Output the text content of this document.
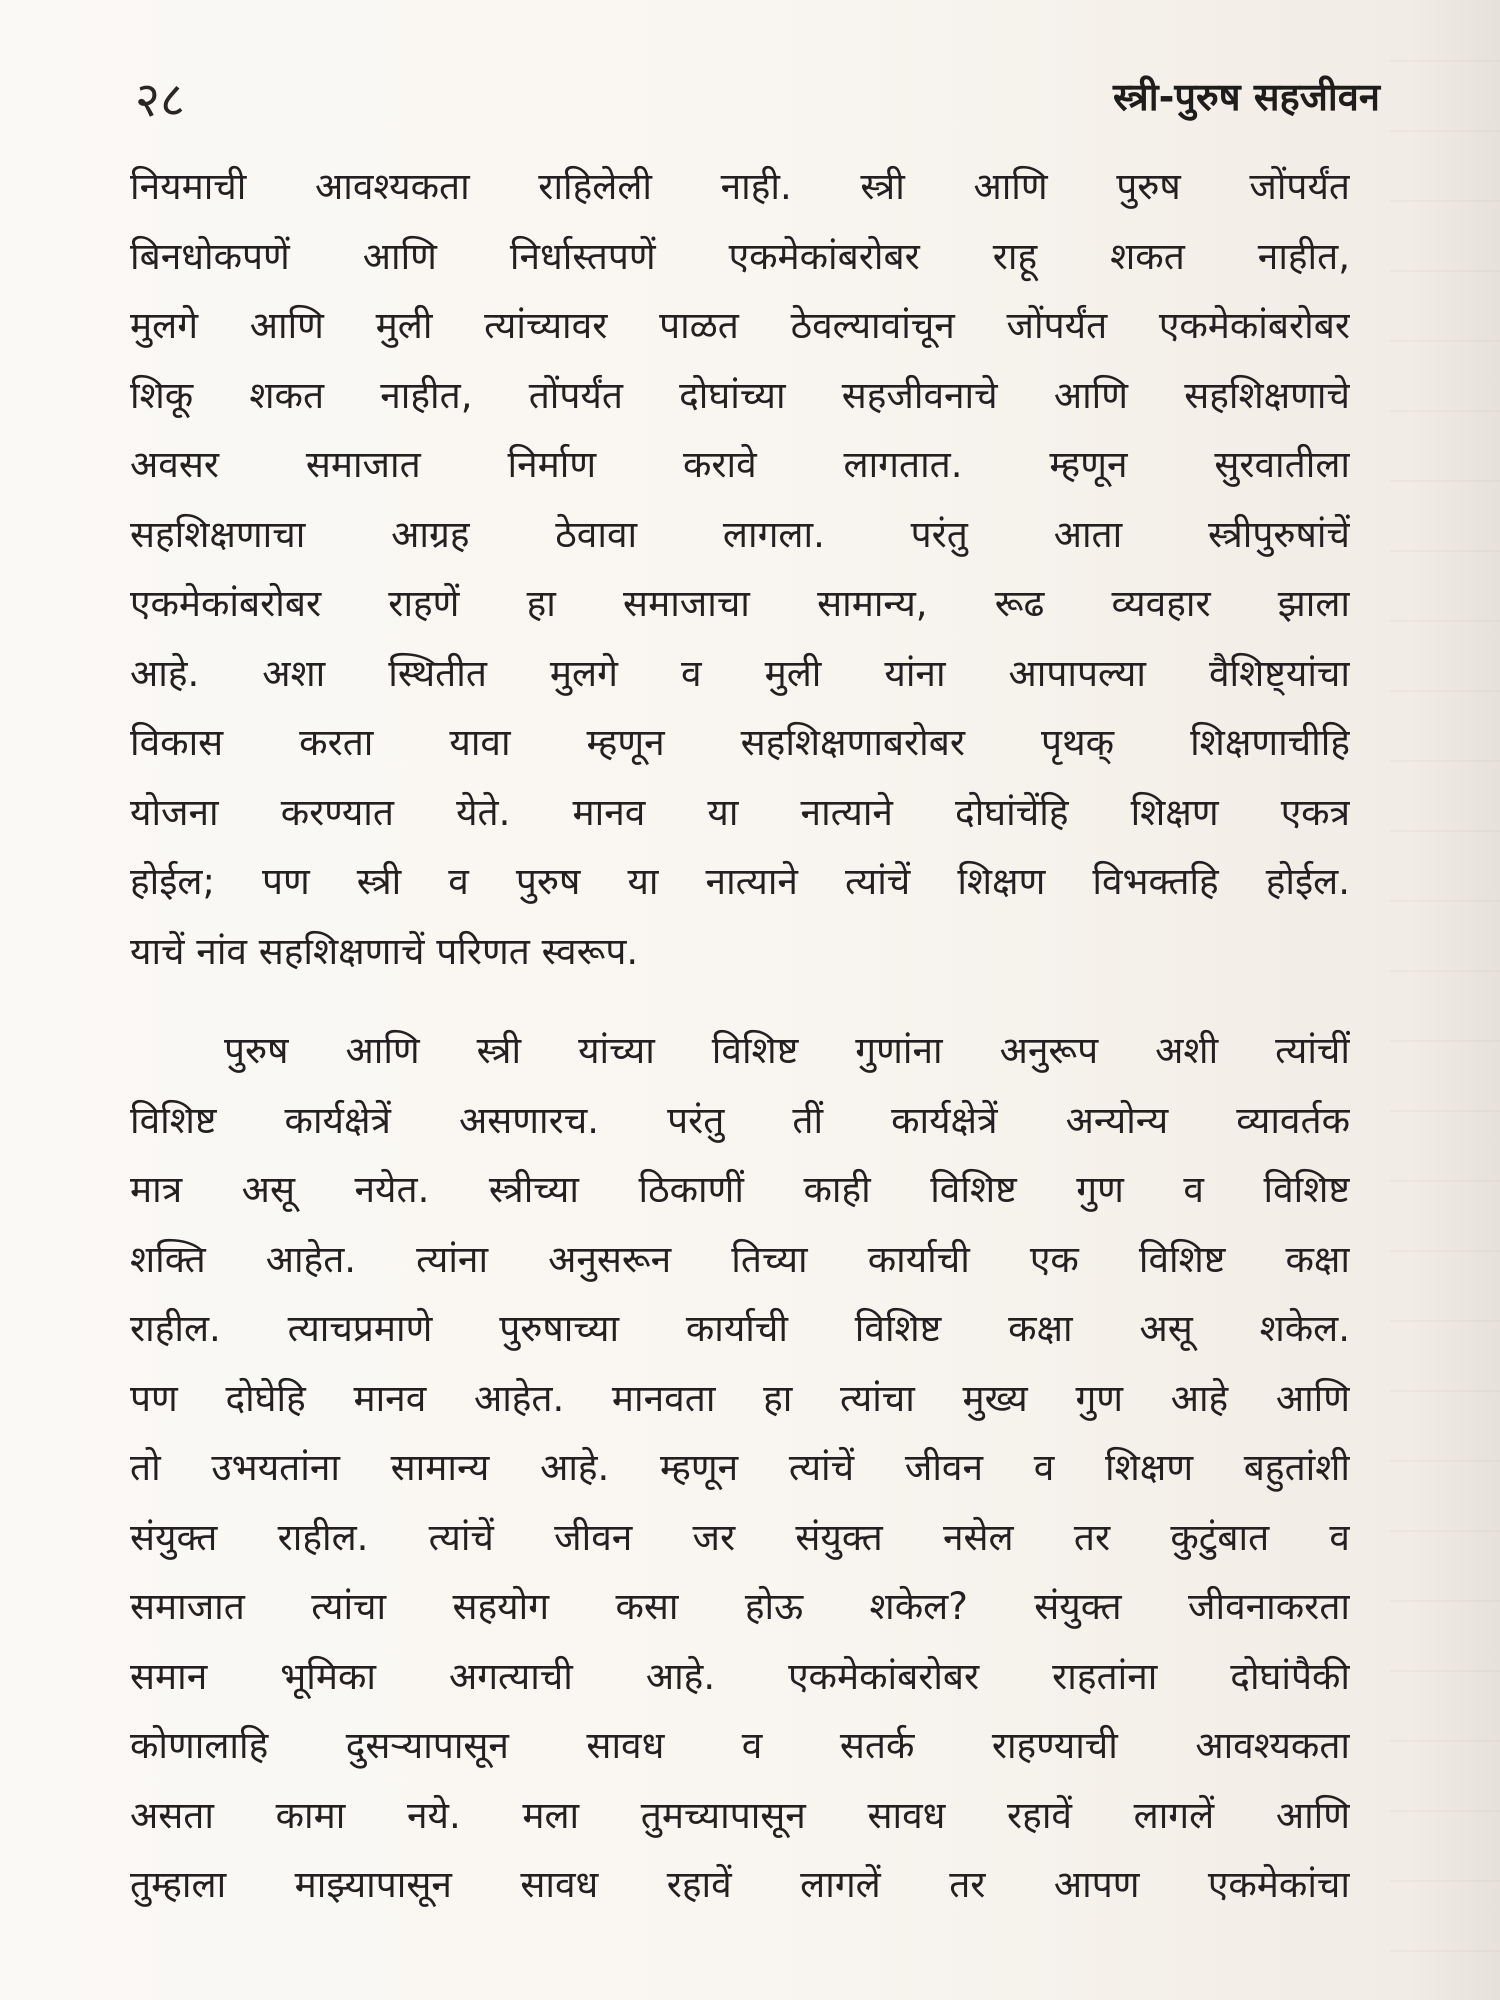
२८	स्त्री-पुरुष सहजीवन
नियमाची आवश्यकता राहिलेली नाही. स्त्री आणि पुरुष जोंपर्यंत
बिनधोकपणें आणि निर्धास्तपणें एकमेकांबरोबर राहू शकत नाहीत,
मुलगे आणि मुली त्यांच्यावर पाळत ठेवल्यावांचून जोंपर्यंत एकमेकांबरोबर
शिकू शकत नाहीत, तोंपर्यंत दोघांच्या सहजीवनाचे आणि सहशिक्षणाचे
अवसर समाजात निर्माण करावे लागतात. म्हणून सुरवातीला
सहशिक्षणाचा आग्रह ठेवावा लागला. परंतु आता स्त्रीपुरुषांचें
एकमेकांबरोबर राहणें हा समाजाचा सामान्य, रूढ व्यवहार झाला
आहे. अशा स्थितीत मुलगे व मुली यांना आपापल्या वैशिष्ट्यांचा
विकास करता यावा म्हणून सहशिक्षणाबरोबर पृथक् शिक्षणाचीहि
योजना करण्यात येते. मानव या नात्याने दोघांचेंहि शिक्षण एकत्र
होईल; पण स्त्री व पुरुष या नात्याने त्यांचें शिक्षण विभक्तहि होईल.
याचें नांव सहशिक्षणाचें परिणत स्वरूप.
पुरुष आणि स्त्री यांच्या विशिष्ट गुणांना अनुरूप अशी त्यांचीं
विशिष्ट कार्यक्षेत्रें असणारच. परंतु तीं कार्यक्षेत्रें अन्योन्य व्यावर्तक
मात्र असू नयेत. स्त्रीच्या ठिकाणीं काही विशिष्ट गुण व विशिष्ट
शक्ति आहेत. त्यांना अनुसरून तिच्या कार्याची एक विशिष्ट कक्षा
राहील. त्याचप्रमाणे पुरुषाच्या कार्याची विशिष्ट कक्षा असू शकेल.
पण दोघेहि मानव आहेत. मानवता हा त्यांचा मुख्य गुण आहे आणि
तो उभयतांना सामान्य आहे. म्हणून त्यांचें जीवन व शिक्षण बहुतांशी
संयुक्त राहील. त्यांचें जीवन जर संयुक्त नसेल तर कुटुंबात व
समाजात त्यांचा सहयोग कसा होऊ शकेल? संयुक्त जीवनाकरता
समान भूमिका अगत्याची आहे. एकमेकांबरोबर राहतांना दोघांपैकी
कोणालाहि दुसऱ्यापासून सावध व सतर्क राहण्याची आवश्यकता
असता कामा नये. मला तुमच्यापासून सावध रहावें लागलें आणि
तुम्हाला माझ्यापासून सावध रहावें लागलें तर आपण एकमेकांचा
